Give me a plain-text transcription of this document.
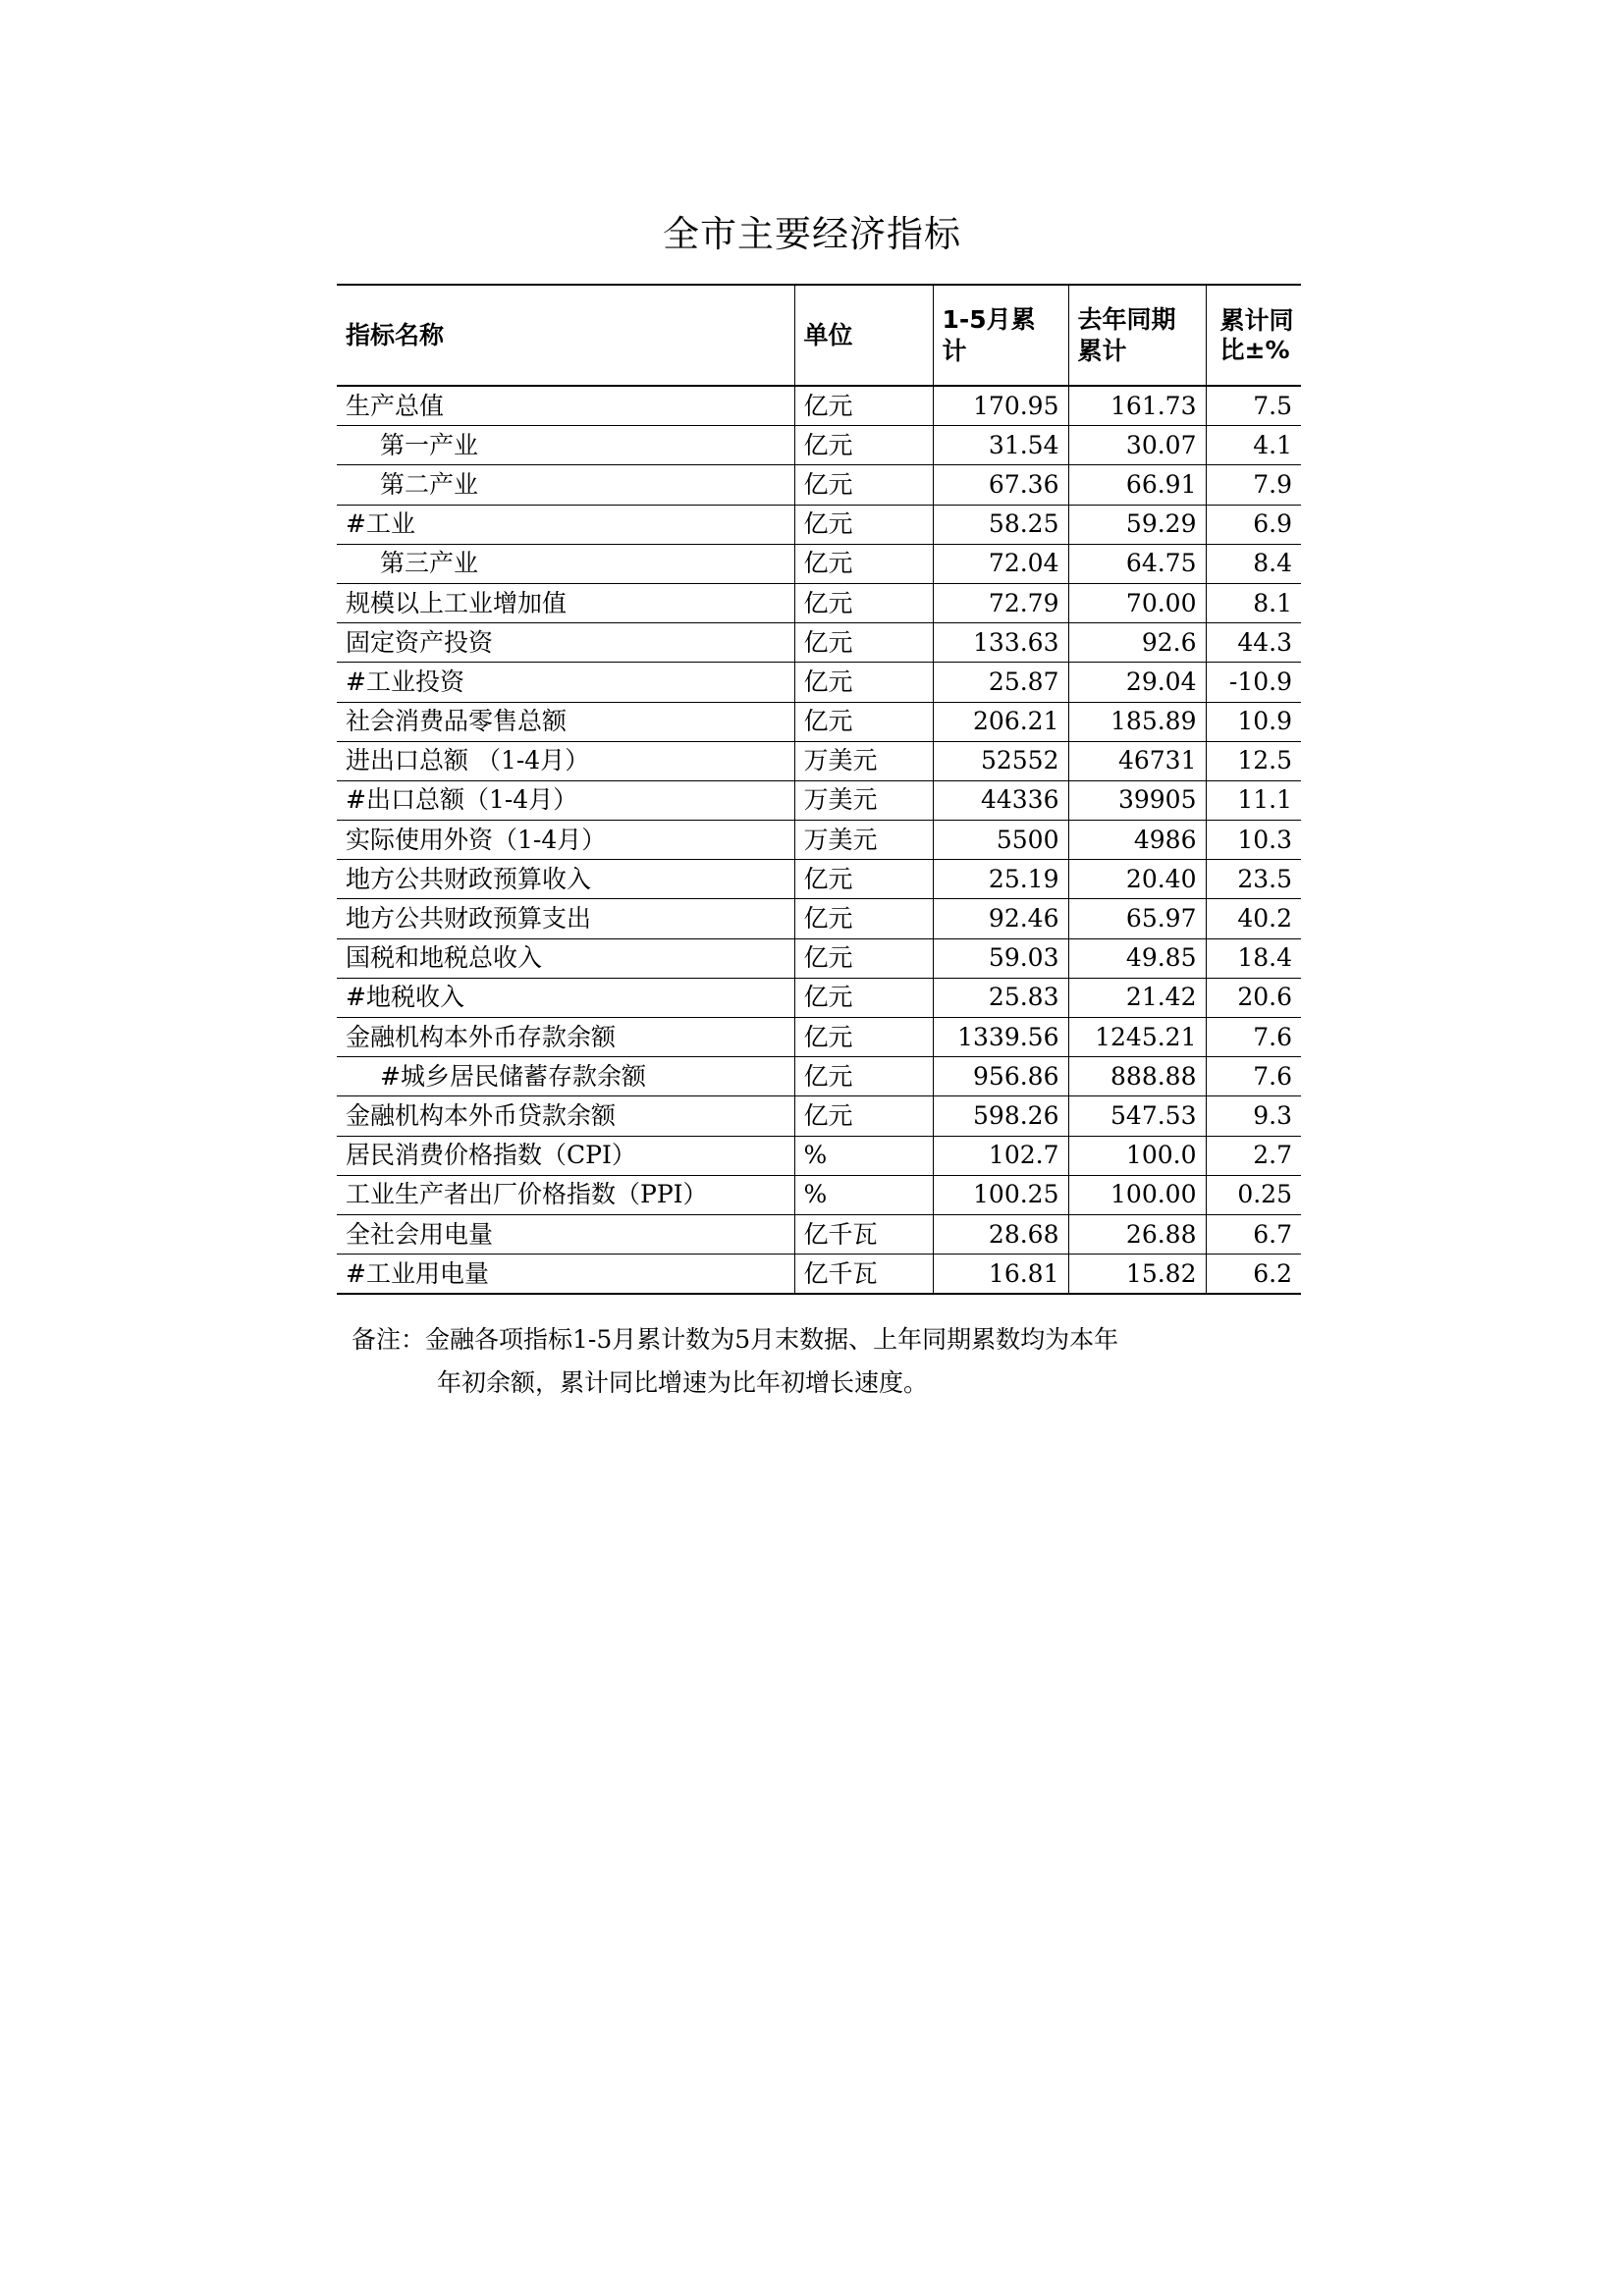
全市主要经济指标
指标名称	单位	1-5月累计	去年同期累计	累计同比±%
生产总值	亿元	170.95	161.73	7.5
第一产业	亿元	31.54	30.07	4.1
第二产业	亿元	67.36	66.91	7.9
#工业	亿元	58.25	59.29	6.9
第三产业	亿元	72.04	64.75	8.4
规模以上工业增加值	亿元	72.79	70.00	8.1
固定资产投资	亿元	133.63	92.6	44.3
#工业投资	亿元	25.87	29.04	-10.9
社会消费品零售总额	亿元	206.21	185.89	10.9
进出口总额 （1-4月）	万美元	52552	46731	12.5
#出口总额（1-4月）	万美元	44336	39905	11.1
实际使用外资（1-4月）	万美元	5500	4986	10.3
地方公共财政预算收入	亿元	25.19	20.40	23.5
地方公共财政预算支出	亿元	92.46	65.97	40.2
国税和地税总收入	亿元	59.03	49.85	18.4
#地税收入	亿元	25.83	21.42	20.6
金融机构本外币存款余额	亿元	1339.56	1245.21	7.6
#城乡居民储蓄存款余额	亿元	956.86	888.88	7.6
金融机构本外币贷款余额	亿元	598.26	547.53	9.3
居民消费价格指数（CPI）	%	102.7	100.0	2.7
工业生产者出厂价格指数（PPI）	%	100.25	100.00	0.25
全社会用电量	亿千瓦	28.68	26.88	6.7
#工业用电量	亿千瓦	16.81	15.82	6.2
备注：金融各项指标1-5月累计数为5月末数据、上年同期累数均为本年
年初余额，累计同比增速为比年初增长速度。
